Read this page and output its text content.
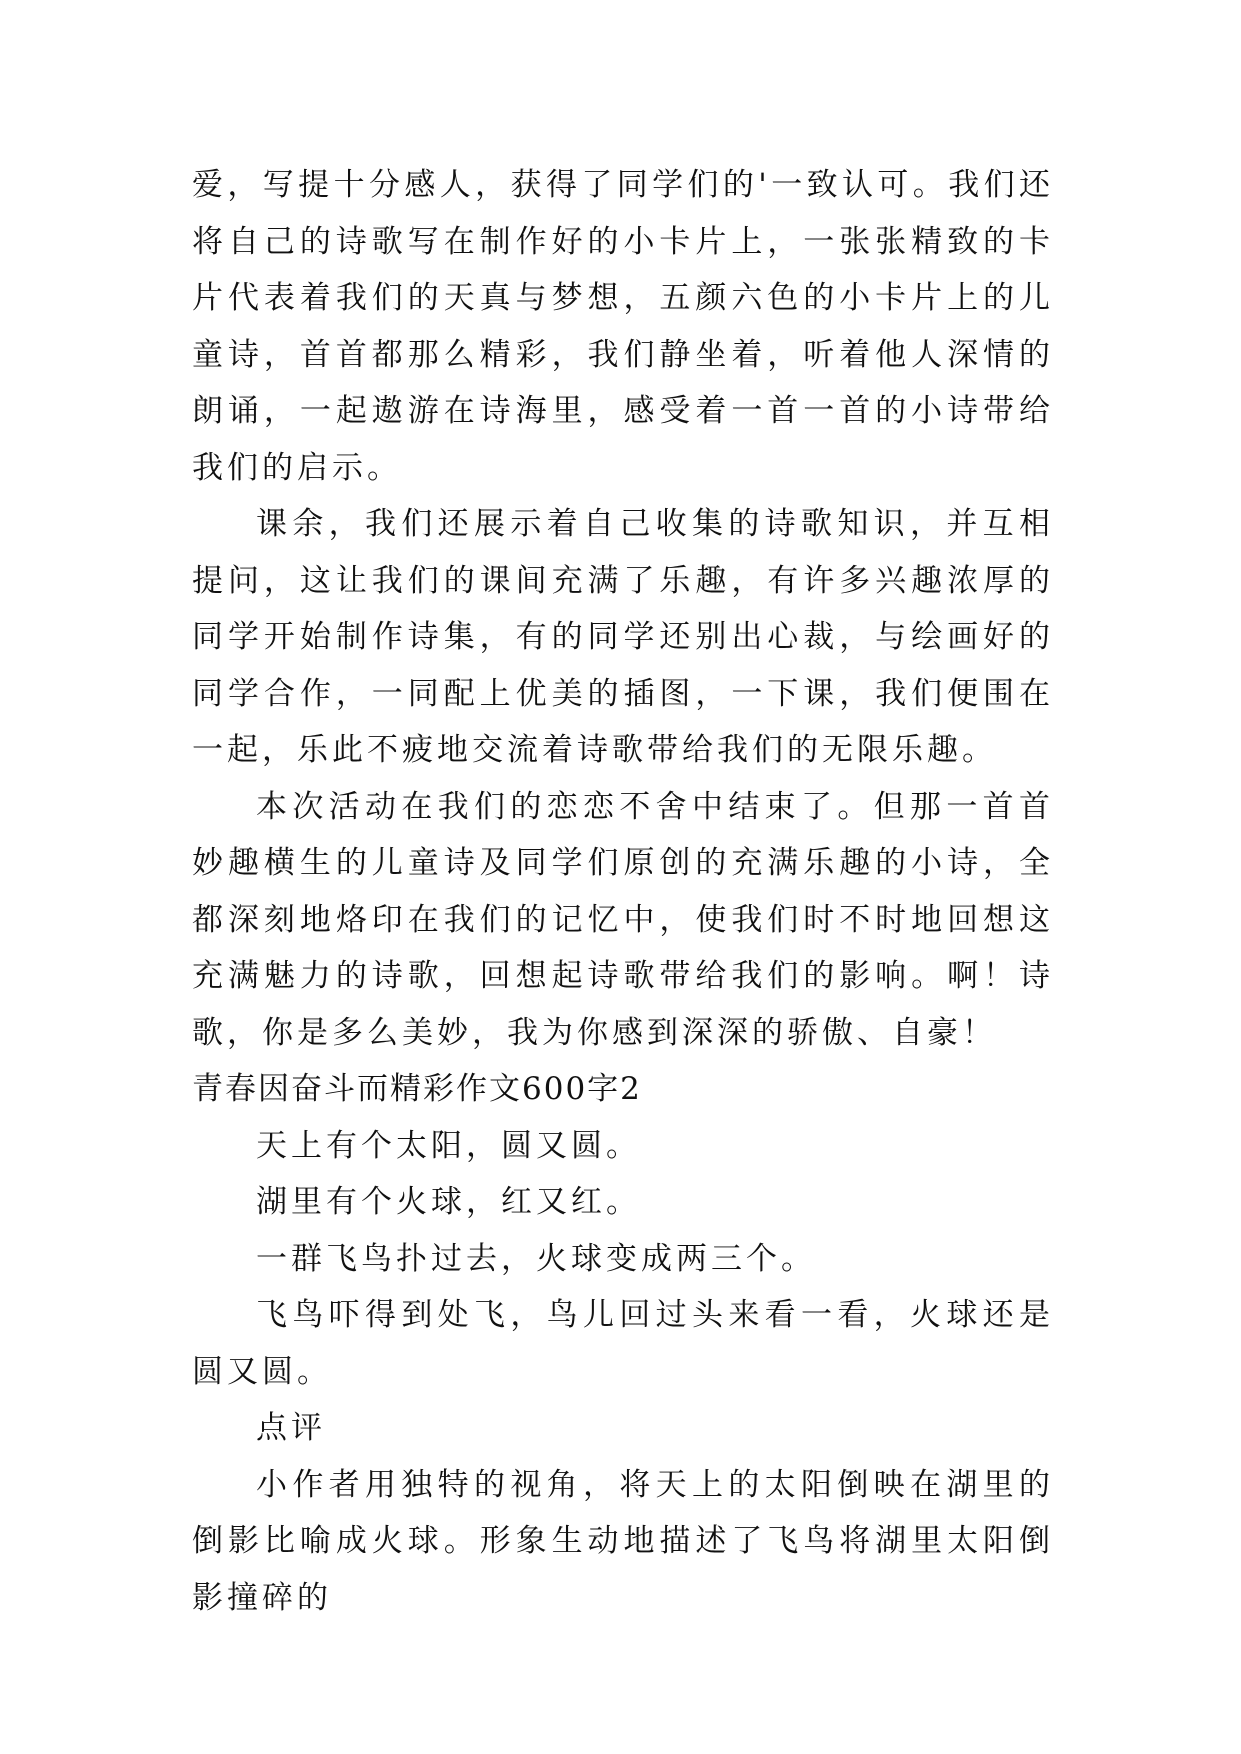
爱，写提十分感人，获得了同学们的'一致认可。我们还将自己的诗歌写在制作好的小卡片上，一张张精致的卡片代表着我们的天真与梦想，五颜六色的小卡片上的儿童诗，首首都那么精彩，我们静坐着，听着他人深情的朗诵，一起遨游在诗海里，感受着一首一首的小诗带给我们的启示。

课余，我们还展示着自己收集的诗歌知识，并互相提问，这让我们的课间充满了乐趣，有许多兴趣浓厚的同学开始制作诗集，有的同学还别出心裁，与绘画好的同学合作，一同配上优美的插图，一下课，我们便围在一起，乐此不疲地交流着诗歌带给我们的无限乐趣。

本次活动在我们的恋恋不舍中结束了。但那一首首妙趣横生的儿童诗及同学们原创的充满乐趣的小诗，全都深刻地烙印在我们的记忆中，使我们时不时地回想这充满魅力的诗歌，回想起诗歌带给我们的影响。啊！诗歌，你是多么美妙，我为你感到深深的骄傲、自豪！

青春因奋斗而精彩作文600字2

天上有个太阳，圆又圆。

湖里有个火球，红又红。

一群飞鸟扑过去，火球变成两三个。

飞鸟吓得到处飞，鸟儿回过头来看一看，火球还是圆又圆。

点评

小作者用独特的视角，将天上的太阳倒映在湖里的倒影比喻成火球。形象生动地描述了飞鸟将湖里太阳倒影撞碎的
